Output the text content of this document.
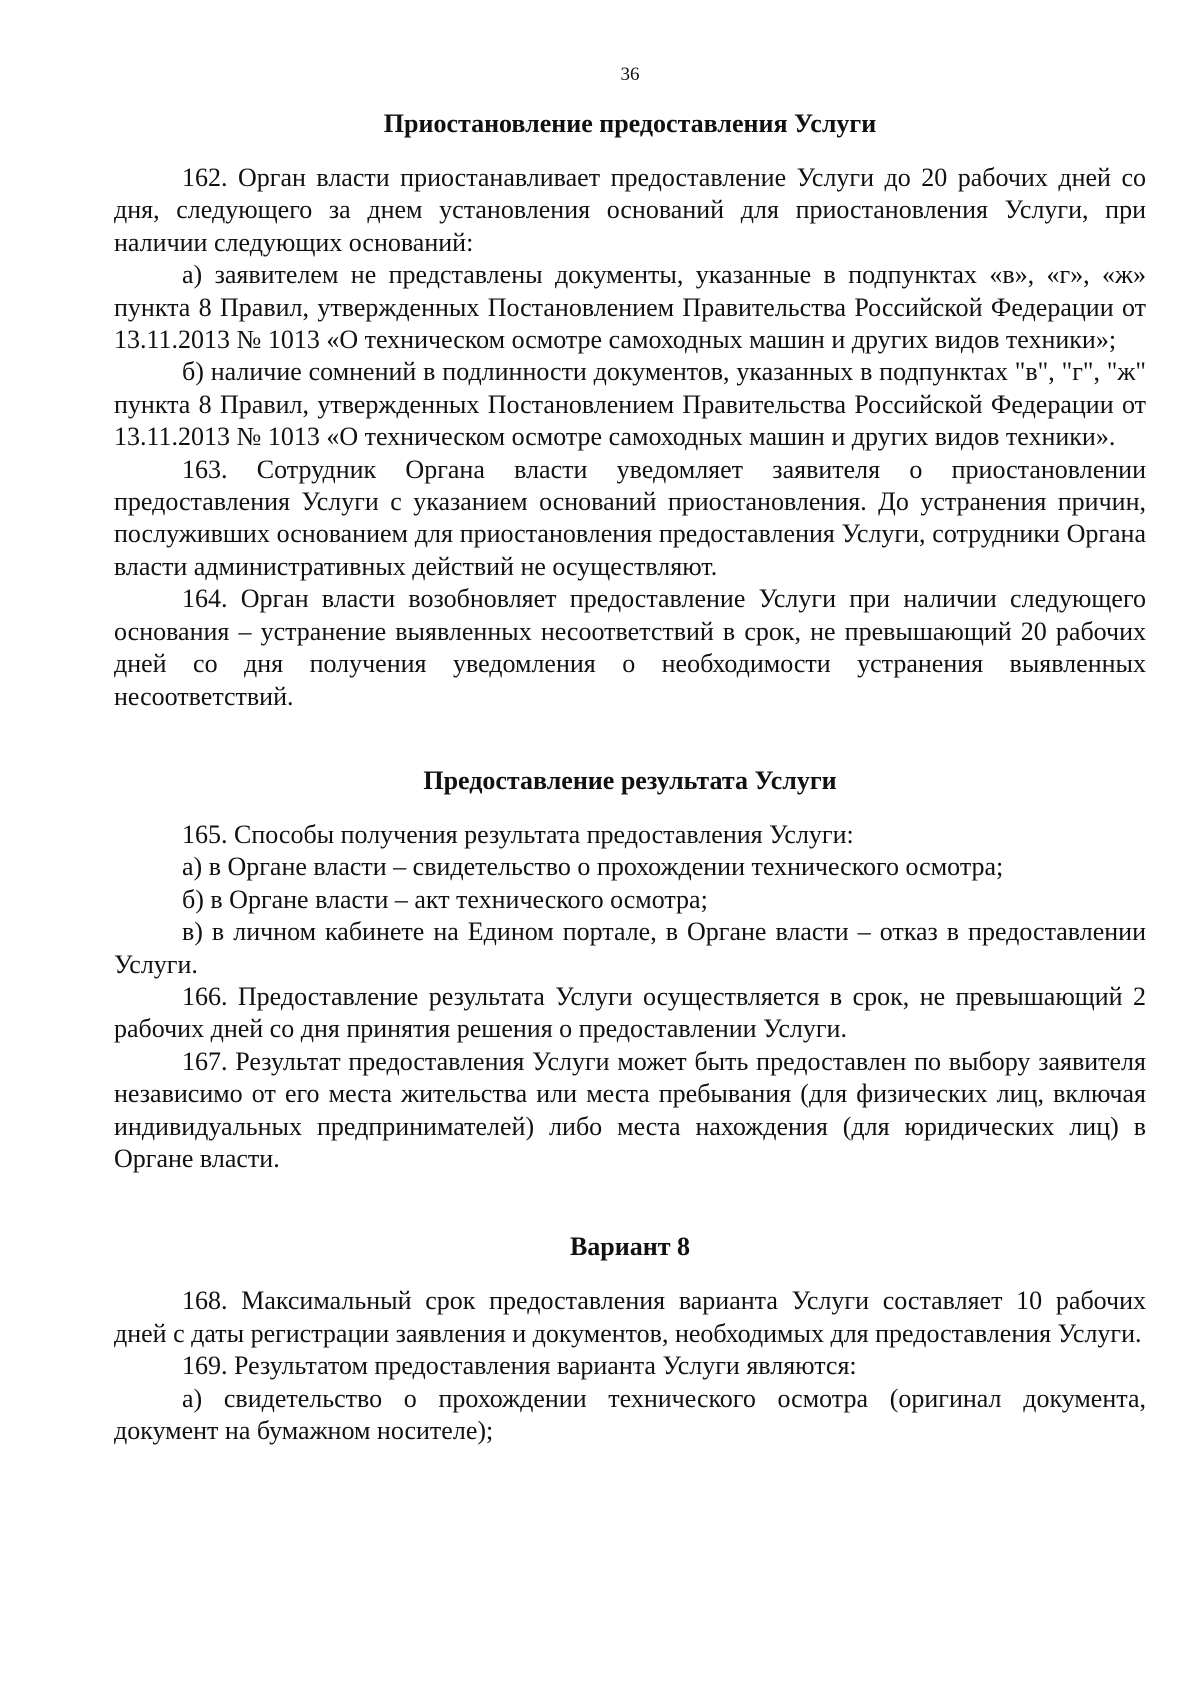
36
Приостановление предоставления Услуги

162. Орган власти приостанавливает предоставление Услуги до 20 рабочих дней со дня, следующего за днем установления оснований для приостановления Услуги, при наличии следующих оснований:

а) заявителем не представлены документы, указанные в подпунктах «в», «г», «ж» пункта 8 Правил, утвержденных Постановлением Правительства Российской Федерации от 13.11.2013 № 1013 «О техническом осмотре самоходных машин и других видов техники»;

б) наличие сомнений в подлинности документов, указанных в подпунктах "в", "г", "ж" пункта 8 Правил, утвержденных Постановлением Правительства Российской Федерации от 13.11.2013 № 1013 «О техническом осмотре самоходных машин и других видов техники».

163. Сотрудник Органа власти уведомляет заявителя о приостановлении предоставления Услуги с указанием оснований приостановления. До устранения причин, послуживших основанием для приостановления предоставления Услуги, сотрудники Органа власти административных действий не осуществляют.

164. Орган власти возобновляет предоставление Услуги при наличии следующего основания – устранение выявленных несоответствий в срок, не превышающий 20 рабочих дней со дня получения уведомления о необходимости устранения выявленных несоответствий.

Предоставление результата Услуги

165. Способы получения результата предоставления Услуги:

а) в Органе власти – свидетельство о прохождении технического осмотра;

б) в Органе власти – акт технического осмотра;

в) в личном кабинете на Едином портале, в Органе власти – отказ в предоставлении Услуги.

166. Предоставление результата Услуги осуществляется в срок, не превышающий 2 рабочих дней со дня принятия решения о предоставлении Услуги.

167. Результат предоставления Услуги может быть предоставлен по выбору заявителя независимо от его места жительства или места пребывания (для физических лиц, включая индивидуальных предпринимателей) либо места нахождения (для юридических лиц) в Органе власти.

Вариант 8

168. Максимальный срок предоставления варианта Услуги составляет 10 рабочих дней с даты регистрации заявления и документов, необходимых для предоставления Услуги.

169. Результатом предоставления варианта Услуги являются:

а) свидетельство о прохождении технического осмотра (оригинал документа, документ на бумажном носителе);
